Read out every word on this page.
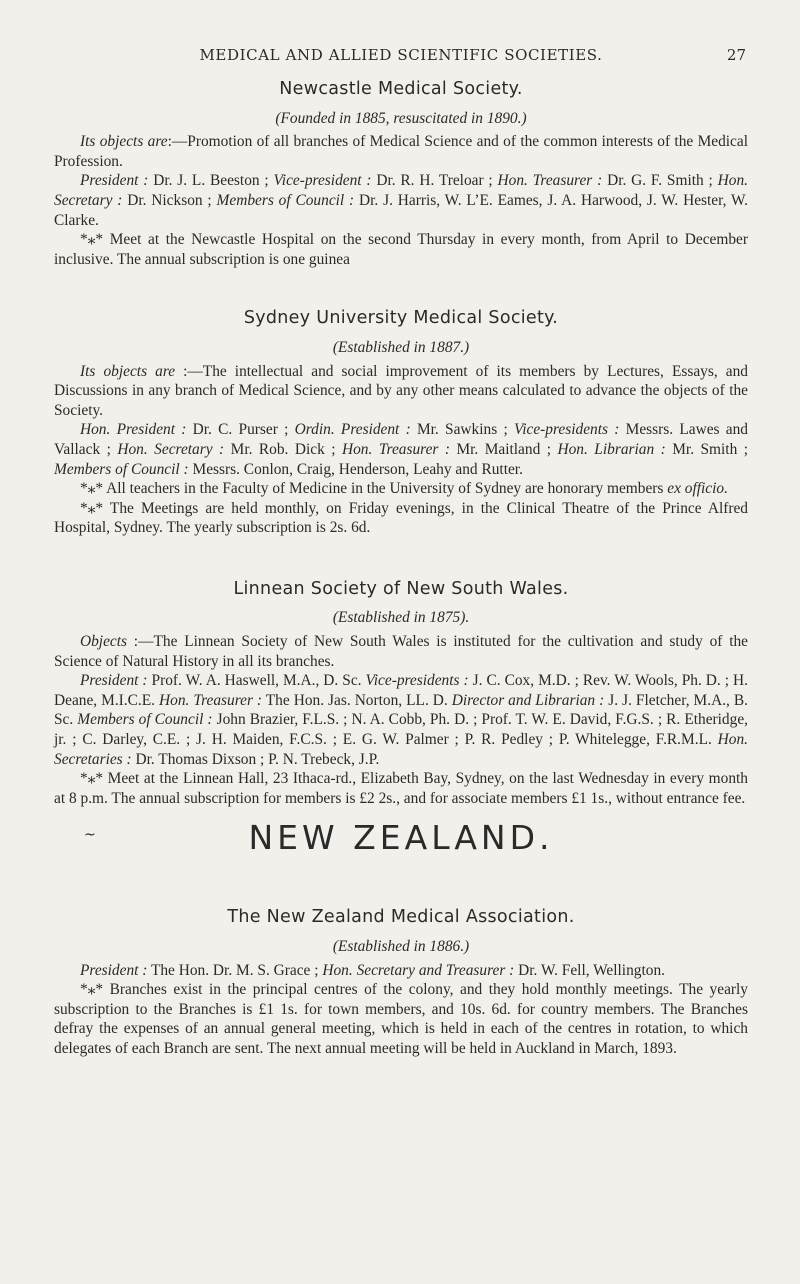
MEDICAL AND ALLIED SCIENTIFIC SOCIETIES.	27
Newcastle Medical Society.
(Founded in 1885, resuscitated in 1890.)

Its objects are:—Promotion of all branches of Medical Science and of the common interests of the Medical Profession.

President : Dr. J. L. Beeston ; Vice-president : Dr. R. H. Treloar ; Hon. Treasurer : Dr. G. F. Smith ; Hon. Secretary : Dr. Nickson ; Members of Council : Dr. J. Harris, W. L’E. Eames, J. A. Harwood, J. W. Hester, W. Clarke.

*⁎* Meet at the Newcastle Hospital on the second Thursday in every month, from April to December inclusive. The annual subscription is one guinea

Sydney University Medical Society.
(Established in 1887.)

Its objects are :—The intellectual and social improvement of its members by Lectures, Essays, and Discussions in any branch of Medical Science, and by any other means calculated to advance the objects of the Society.

Hon. President : Dr. C. Purser ; Ordin. President : Mr. Sawkins ; Vice-presidents : Messrs. Lawes and Vallack ; Hon. Secretary : Mr. Rob. Dick ; Hon. Treasurer : Mr. Maitland ; Hon. Librarian : Mr. Smith ; Members of Council : Messrs. Conlon, Craig, Henderson, Leahy and Rutter.

*⁎* All teachers in the Faculty of Medicine in the University of Sydney are honorary members ex officio.

*⁎* The Meetings are held monthly, on Friday evenings, in the Clinical Theatre of the Prince Alfred Hospital, Sydney. The yearly subscription is 2s. 6d.

Linnean Society of New South Wales.
(Established in 1875).

Objects :—The Linnean Society of New South Wales is instituted for the cultivation and study of the Science of Natural History in all its branches.

President : Prof. W. A. Haswell, M.A., D. Sc. Vice-presidents : J. C. Cox, M.D. ; Rev. W. Wools, Ph. D. ; H. Deane, M.I.C.E. Hon. Treasurer : The Hon. Jas. Norton, LL. D. Director and Librarian : J. J. Fletcher, M.A., B. Sc. Members of Council : John Brazier, F.L.S. ; N. A. Cobb, Ph. D. ; Prof. T. W. E. David, F.G.S. ; R. Etheridge, jr. ; C. Darley, C.E. ; J. H. Maiden, F.C.S. ; E. G. W. Palmer ; P. R. Pedley ; P. Whitelegge, F.R.M.L. Hon. Secretaries : Dr. Thomas Dixson ; P. N. Trebeck, J.P.

*⁎* Meet at the Linnean Hall, 23 Ithaca-rd., Elizabeth Bay, Sydney, on the last Wednesday in every month at 8 p.m. The annual subscription for members is £2 2s., and for associate members £1 1s., without entrance fee.

~	NEW ZEALAND.
The New Zealand Medical Association.
(Established in 1886.)

President : The Hon. Dr. M. S. Grace ; Hon. Secretary and Treasurer : Dr. W. Fell, Wellington.

*⁎* Branches exist in the principal centres of the colony, and they hold monthly meetings. The yearly subscription to the Branches is £1 1s. for town members, and 10s. 6d. for country members. The Branches defray the expenses of an annual general meeting, which is held in each of the centres in rotation, to which delegates of each Branch are sent. The next annual meeting will be held in Auckland in March, 1893.
